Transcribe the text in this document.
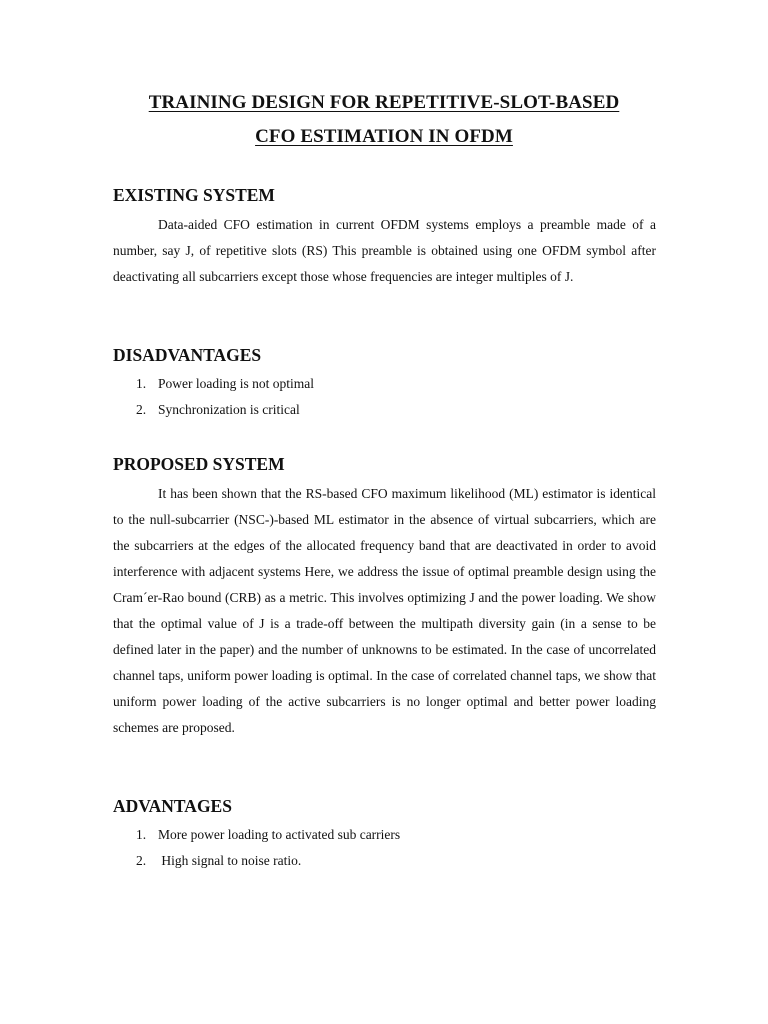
TRAINING DESIGN FOR REPETITIVE-SLOT-BASED
CFO ESTIMATION IN OFDM
EXISTING SYSTEM
Data-aided CFO estimation in current OFDM systems employs a preamble made of a number, say J, of repetitive slots (RS) This preamble is obtained using one OFDM symbol after deactivating all subcarriers except those whose frequencies are integer multiples of J.
DISADVANTAGES
1. Power loading is not optimal
2. Synchronization is critical
PROPOSED SYSTEM
It has been shown that the RS-based CFO maximum likelihood (ML) estimator is identical to the null-subcarrier (NSC-)-based ML estimator in the absence of virtual subcarriers, which are the subcarriers at the edges of the allocated frequency band that are deactivated in order to avoid interference with adjacent systems Here, we address the issue of optimal preamble design using the Cram´er-Rao bound (CRB) as a metric. This involves optimizing J and the power loading. We show that the optimal value of J is a trade-off between the multipath diversity gain (in a sense to be defined later in the paper) and the number of unknowns to be estimated. In the case of uncorrelated channel taps, uniform power loading is optimal. In the case of correlated channel taps, we show that uniform power loading of the active subcarriers is no longer optimal and better power loading schemes are proposed.
ADVANTAGES
1. More power loading to activated sub carriers
2. High signal to noise ratio.
